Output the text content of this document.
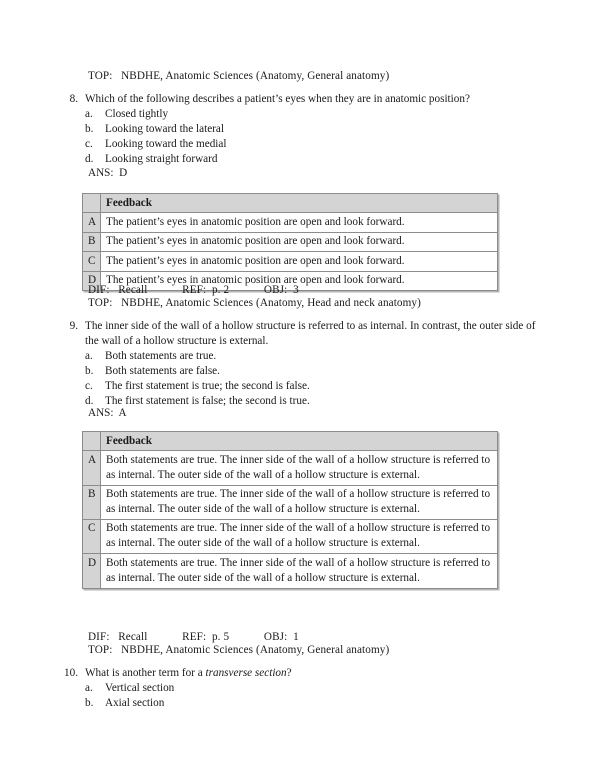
TOP:   NBDHE, Anatomic Sciences (Anatomy, General anatomy)
8. Which of the following describes a patient’s eyes when they are in anatomic position?
a.	Closed tightly
b.	Looking toward the lateral
c.	Looking toward the medial
d.	Looking straight forward
ANS:  D
	Feedback
A	The patient’s eyes in anatomic position are open and look forward.
B	The patient’s eyes in anatomic position are open and look forward.
C	The patient’s eyes in anatomic position are open and look forward.
D	The patient’s eyes in anatomic position are open and look forward.
DIF:   Recall            REF:  p. 2            OBJ:  3
TOP:   NBDHE, Anatomic Sciences (Anatomy, Head and neck anatomy)
9. The inner side of the wall of a hollow structure is referred to as internal. In contrast, the outer side of the wall of a hollow structure is external.
a.	Both statements are true.
b.	Both statements are false.
c.	The first statement is true; the second is false.
d.	The first statement is false; the second is true.
ANS:  A
	Feedback
A	Both statements are true. The inner side of the wall of a hollow structure is referred to as internal. The outer side of the wall of a hollow structure is external.
B	Both statements are true. The inner side of the wall of a hollow structure is referred to as internal. The outer side of the wall of a hollow structure is external.
C	Both statements are true. The inner side of the wall of a hollow structure is referred to as internal. The outer side of the wall of a hollow structure is external.
D	Both statements are true. The inner side of the wall of a hollow structure is referred to as internal. The outer side of the wall of a hollow structure is external.
DIF:   Recall            REF:  p. 5            OBJ:  1
TOP:   NBDHE, Anatomic Sciences (Anatomy, General anatomy)
10. What is another term for a transverse section?
a.	Vertical section
b.	Axial section
